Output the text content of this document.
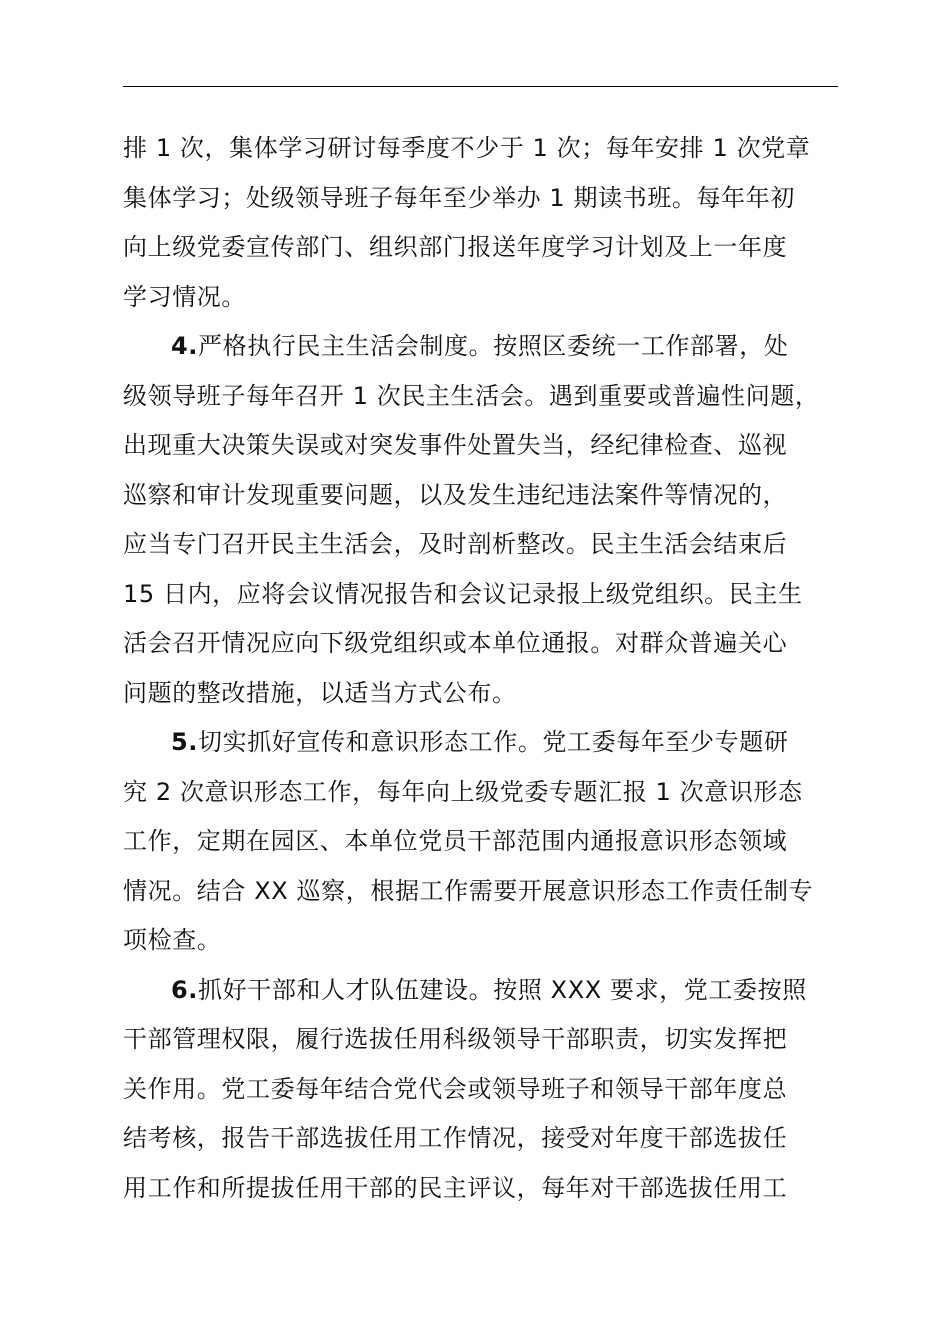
排 1 次，集体学习研讨每季度不少于 1 次；每年安排 1 次党章
集体学习；处级领导班子每年至少举办 1 期读书班。每年年初
向上级党委宣传部门、组织部门报送年度学习计划及上一年度
学习情况。
4.严格执行民主生活会制度。按照区委统一工作部署，处
级领导班子每年召开 1 次民主生活会。遇到重要或普遍性问题，
出现重大决策失误或对突发事件处置失当，经纪律检查、巡视
巡察和审计发现重要问题，以及发生违纪违法案件等情况的，
应当专门召开民主生活会，及时剖析整改。民主生活会结束后
15 日内，应将会议情况报告和会议记录报上级党组织。民主生
活会召开情况应向下级党组织或本单位通报。对群众普遍关心
问题的整改措施，以适当方式公布。
5.切实抓好宣传和意识形态工作。党工委每年至少专题研
究 2 次意识形态工作，每年向上级党委专题汇报 1 次意识形态
工作，定期在园区、本单位党员干部范围内通报意识形态领域
情况。结合 XX 巡察，根据工作需要开展意识形态工作责任制专
项检查。
6.抓好干部和人才队伍建设。按照 XXX 要求，党工委按照
干部管理权限，履行选拔任用科级领导干部职责，切实发挥把
关作用。党工委每年结合党代会或领导班子和领导干部年度总
结考核，报告干部选拔任用工作情况，接受对年度干部选拔任
用工作和所提拔任用干部的民主评议，每年对干部选拔任用工
